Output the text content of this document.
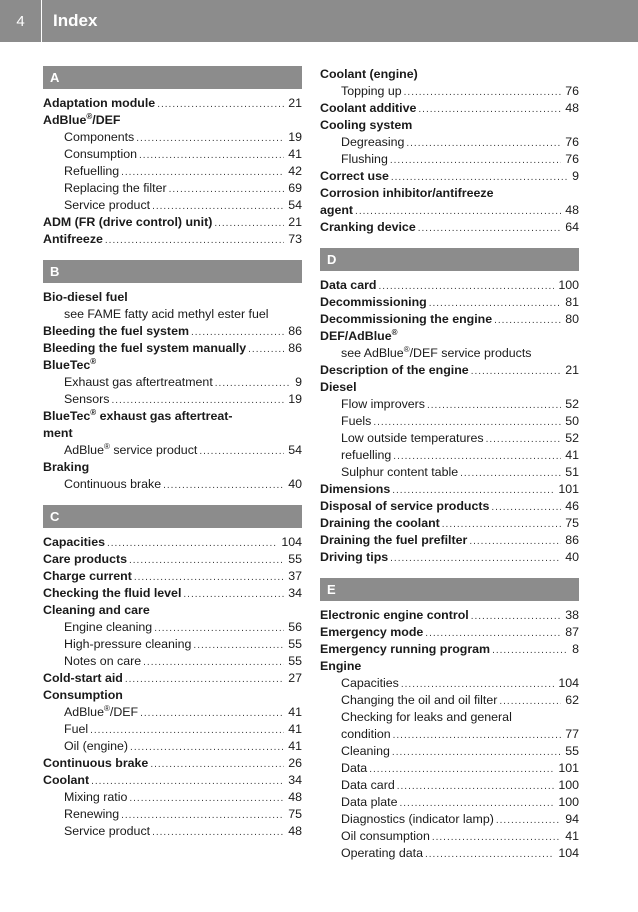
4	Index
A
Adaptation module .....	21
AdBlue®/DEF
Components .....	19
Consumption .....	41
Refuelling .....	42
Replacing the filter .....	69
Service product .....	54
ADM (FR (drive control) unit) .....	21
Antifreeze .....	73
B
Bio-diesel fuel
see FAME fatty acid methyl ester fuel
Bleeding the fuel system .....	86
Bleeding the fuel system manually .....	86
BlueTec®
Exhaust gas aftertreatment .....	9
Sensors .....	19
BlueTec® exhaust gas aftertreat-
ment
AdBlue® service product .....	54
Braking
Continuous brake .....	40
C
Capacities .....	104
Care products .....	55
Charge current .....	37
Checking the fluid level .....	34
Cleaning and care
Engine cleaning .....	56
High-pressure cleaning .....	55
Notes on care .....	55
Cold-start aid .....	27
Consumption
AdBlue®/DEF .....	41
Fuel .....	41
Oil (engine) .....	41
Continuous brake .....	26
Coolant .....	34
Mixing ratio .....	48
Renewing .....	75
Service product .....	48
Coolant (engine)
Topping up .....	76
Coolant additive .....	48
Cooling system
Degreasing .....	76
Flushing .....	76
Correct use .....	9
Corrosion inhibitor/antifreeze
agent .....	48
Cranking device .....	64
D
Data card .....	100
Decommissioning .....	81
Decommissioning the engine .....	80
DEF/AdBlue®
see AdBlue®/DEF service products
Description of the engine .....	21
Diesel
Flow improvers .....	52
Fuels .....	50
Low outside temperatures .....	52
refuelling .....	41
Sulphur content table .....	51
Dimensions .....	101
Disposal of service products .....	46
Draining the coolant .....	75
Draining the fuel prefilter .....	86
Driving tips .....	40
E
Electronic engine control .....	38
Emergency mode .....	87
Emergency running program .....	8
Engine
Capacities .....	104
Changing the oil and oil filter .....	62
Checking for leaks and general
condition .....	77
Cleaning .....	55
Data .....	101
Data card .....	100
Data plate .....	100
Diagnostics (indicator lamp) .....	94
Oil consumption .....	41
Operating data .....	104
